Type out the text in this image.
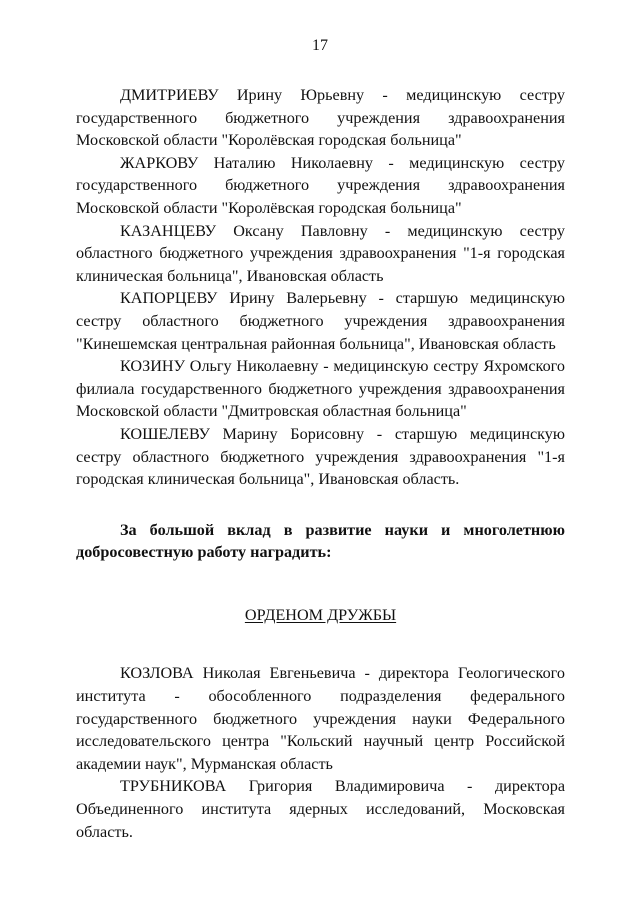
17

ДМИТРИЕВУ Ирину Юрьевну - медицинскую сестру государственного бюджетного учреждения здравоохранения Московской области "Королёвская городская больница"

ЖАРКОВУ Наталию Николаевну - медицинскую сестру государственного бюджетного учреждения здравоохранения Московской области "Королёвская городская больница"

КАЗАНЦЕВУ Оксану Павловну - медицинскую сестру областного бюджетного учреждения здравоохранения "1-я городская клиническая больница", Ивановская область

КАПОРЦЕВУ Ирину Валерьевну - старшую медицинскую сестру областного бюджетного учреждения здравоохранения "Кинешемская центральная районная больница", Ивановская область

КОЗИНУ Ольгу Николаевну - медицинскую сестру Яхромского филиала государственного бюджетного учреждения здравоохранения Московской области "Дмитровская областная больница"

КОШЕЛЕВУ Марину Борисовну - старшую медицинскую сестру областного бюджетного учреждения здравоохранения "1-я городская клиническая больница", Ивановская область.

За большой вклад в развитие науки и многолетнюю добросовестную работу наградить:

ОРДЕНОМ ДРУЖБЫ

КОЗЛОВА Николая Евгеньевича - директора Геологического института - обособленного подразделения федерального государственного бюджетного учреждения науки Федерального исследовательского центра "Кольский научный центр Российской академии наук", Мурманская область

ТРУБНИКОВА Григория Владимировича - директора Объединенного института ядерных исследований, Московская область.
